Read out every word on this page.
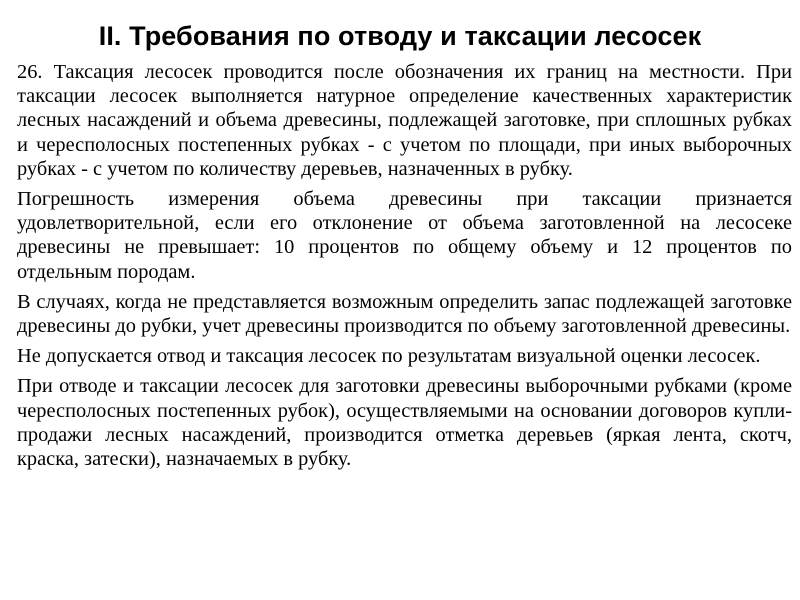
II. Требования по отводу и таксации лесосек

26. Таксация лесосек проводится после обозначения их границ на местности. При таксации лесосек выполняется натурное определение качественных характеристик лесных насаждений и объема древесины, подлежащей заготовке, при сплошных рубках и чересполосных постепенных рубках - с учетом по площади, при иных выборочных рубках - с учетом по количеству деревьев, назначенных в рубку.

Погрешность измерения объема древесины при таксации признается удовлетворительной, если его отклонение от объема заготовленной на лесосеке древесины не превышает: 10 процентов по общему объему и 12 процентов по отдельным породам.

В случаях, когда не представляется возможным определить запас подлежащей заготовке древесины до рубки, учет древесины производится по объему заготовленной древесины.

Не допускается отвод и таксация лесосек по результатам визуальной оценки лесосек.

При отводе и таксации лесосек для заготовки древесины выборочными рубками (кроме чересполосных постепенных рубок), осуществляемыми на основании договоров купли-продажи лесных насаждений, производится отметка деревьев (яркая лента, скотч, краска, затески), назначаемых в рубку.
